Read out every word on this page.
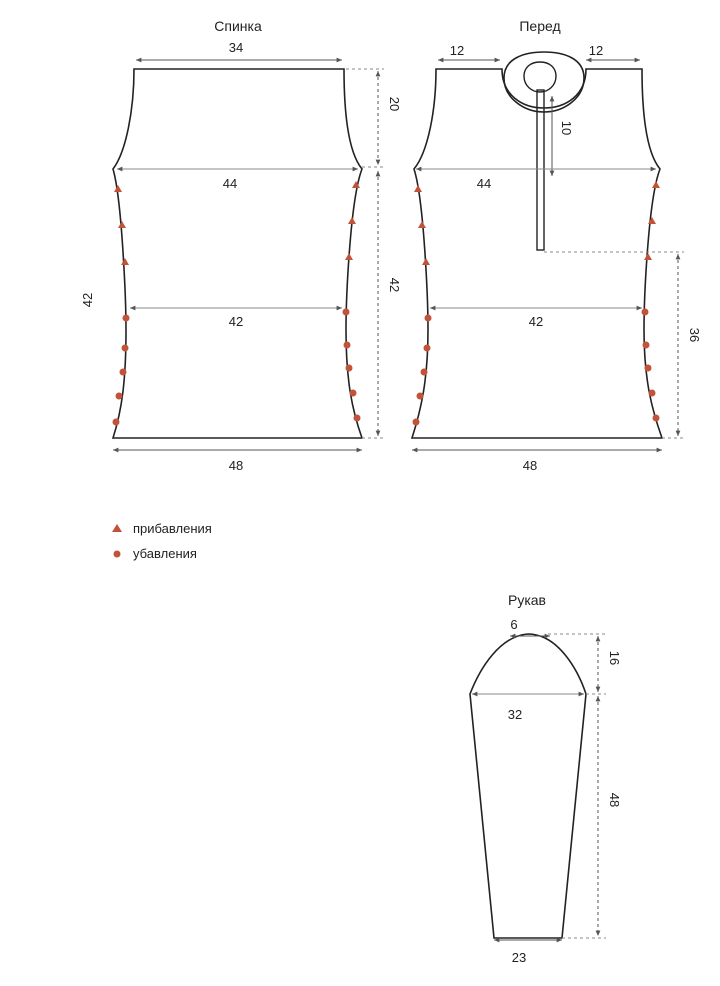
Спинка
34
20
44
42
42
42
48
Перед
12	12
10
44
42
36
48
прибавления
убавления
Рукав
6
16
32
48
23
